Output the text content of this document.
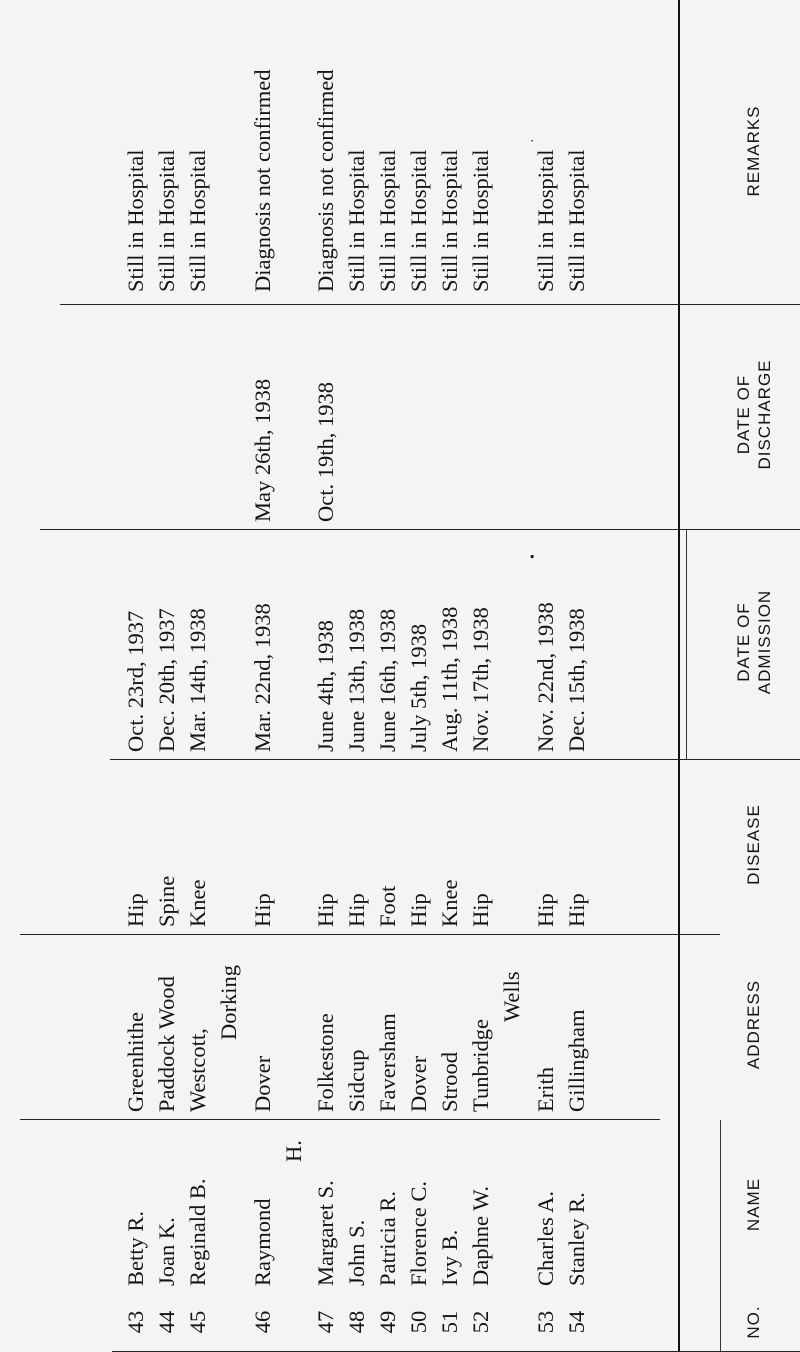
NO.
NAME
ADDRESS
DISEASE
DATE OF ADMISSION
DATE OF DISCHARGE
REMARKS
43
Betty R.
Greenhithe
Hip
Oct. 23rd, 1937
Still in Hospital
44
Joan K.
Paddock Wood
Spine
Dec. 20th, 1937
Still in Hospital
45
Reginald B.
Westcott,
Knee
Mar. 14th, 1938
Still in Hospital
Dorking
46
Raymond
Dover
Hip
Mar. 22nd, 1938
May 26th, 1938
Diagnosis not confirmed
H.
47
Margaret S.
Folkestone
Hip
June 4th, 1938
Oct. 19th, 1938
Diagnosis not confirmed
48
John S.
Sidcup
Hip
June 13th, 1938
Still in Hospital
49
Patricia R.
Faversham
Foot
June 16th, 1938
Still in Hospital
50
Florence C.
Dover
Hip
July 5th, 1938
Still in Hospital
51
Ivy B.
Strood
Knee
Aug. 11th, 1938
Still in Hospital
52
Daphne W.
Tunbridge
Hip
Nov. 17th, 1938
Still in Hospital
Wells
53
Charles A.
Erith
Hip
Nov. 22nd, 1938
Still in Hospital
54
Stanley R.
Gillingham
Hip
Dec. 15th, 1938
Still in Hospital
•
·
